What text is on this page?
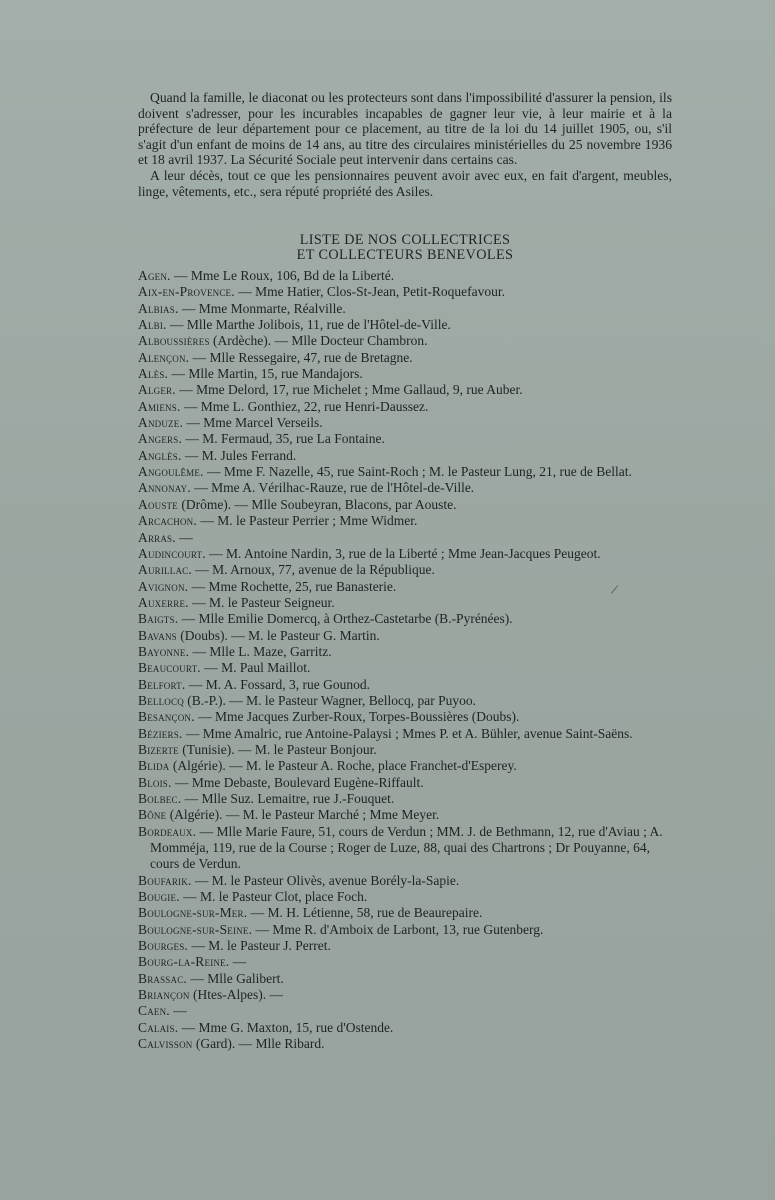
Quand la famille, le diaconat ou les protecteurs sont dans l'impossibilité d'assurer la pension, ils doivent s'adresser, pour les incurables incapables de gagner leur vie, à leur mairie et à la préfecture de leur département pour ce placement, au titre de la loi du 14 juillet 1905, ou, s'il s'agit d'un enfant de moins de 14 ans, au titre des circulaires ministérielles du 25 novembre 1936 et 18 avril 1937. La Sécurité Sociale peut intervenir dans certains cas.

A leur décès, tout ce que les pensionnaires peuvent avoir avec eux, en fait d'argent, meubles, linge, vêtements, etc., sera réputé propriété des Asiles.

LISTE DE NOS COLLECTRICES
ET COLLECTEURS BENEVOLES
Agen. — Mme Le Roux, 106, Bd de la Liberté.
Aix-en-Provence. — Mme Hatier, Clos-St-Jean, Petit-Roquefavour.
Albias. — Mme Monmarte, Réalville.
Albi. — Mlle Marthe Jolibois, 11, rue de l'Hôtel-de-Ville.
Alboussières (Ardèche). — Mlle Docteur Chambron.
Alençon. — Mlle Ressegaire, 47, rue de Bretagne.
Alès. — Mlle Martin, 15, rue Mandajors.
Alger. — Mme Delord, 17, rue Michelet ; Mme Gallaud, 9, rue Auber.
Amiens. — Mme L. Gonthiez, 22, rue Henri-Daussez.
Anduze. — Mme Marcel Verseils.
Angers. — M. Fermaud, 35, rue La Fontaine.
Anglès. — M. Jules Ferrand.
Angoulême. — Mme F. Nazelle, 45, rue Saint-Roch ; M. le Pasteur Lung, 21, rue de Bellat.
Annonay. — Mme A. Vérilhac-Rauze, rue de l'Hôtel-de-Ville.
Aouste (Drôme). — Mlle Soubeyran, Blacons, par Aouste.
Arcachon. — M. le Pasteur Perrier ; Mme Widmer.
Arras. —
Audincourt. — M. Antoine Nardin, 3, rue de la Liberté ; Mme Jean-Jacques Peugeot.
Aurillac. — M. Arnoux, 77, avenue de la République.
Avignon. — Mme Rochette, 25, rue Banasterie.
Auxerre. — M. le Pasteur Seigneur.
Baigts. — Mlle Emilie Domercq, à Orthez-Castetarbe (B.-Pyrénées).
Bavans (Doubs). — M. le Pasteur G. Martin.
Bayonne. — Mlle L. Maze, Garritz.
Beaucourt. — M. Paul Maillot.
Belfort. — M. A. Fossard, 3, rue Gounod.
Bellocq (B.-P.). — M. le Pasteur Wagner, Bellocq, par Puyoo.
Besançon. — Mme Jacques Zurber-Roux, Torpes-Boussières (Doubs).
Béziers. — Mme Amalric, rue Antoine-Palaysi ; Mmes P. et A. Bühler, avenue Saint-Saëns.
Bizerte (Tunisie). — M. le Pasteur Bonjour.
Blida (Algérie). — M. le Pasteur A. Roche, place Franchet-d'Esperey.
Blois. — Mme Debaste, Boulevard Eugène-Riffault.
Bolbec. — Mlle Suz. Lemaitre, rue J.-Fouquet.
Bône (Algérie). — M. le Pasteur Marché ; Mme Meyer.
Bordeaux. — Mlle Marie Faure, 51, cours de Verdun ; MM. J. de Bethmann, 12, rue d'Aviau ; A. Momméja, 119, rue de la Course ; Roger de Luze, 88, quai des Chartrons ; Dr Pouyanne, 64, cours de Verdun.
Boufarik. — M. le Pasteur Olivès, avenue Borély-la-Sapie.
Bougie. — M. le Pasteur Clot, place Foch.
Boulogne-sur-Mer. — M. H. Létienne, 58, rue de Beaurepaire.
Boulogne-sur-Seine. — Mme R. d'Amboix de Larbont, 13, rue Gutenberg.
Bourges. — M. le Pasteur J. Perret.
Bourg-la-Reine. —
Brassac. — Mlle Galibert.
Briançon (Htes-Alpes). —
Caen. —
Calais. — Mme G. Maxton, 15, rue d'Ostende.
Calvisson (Gard). — Mlle Ribard.
/
